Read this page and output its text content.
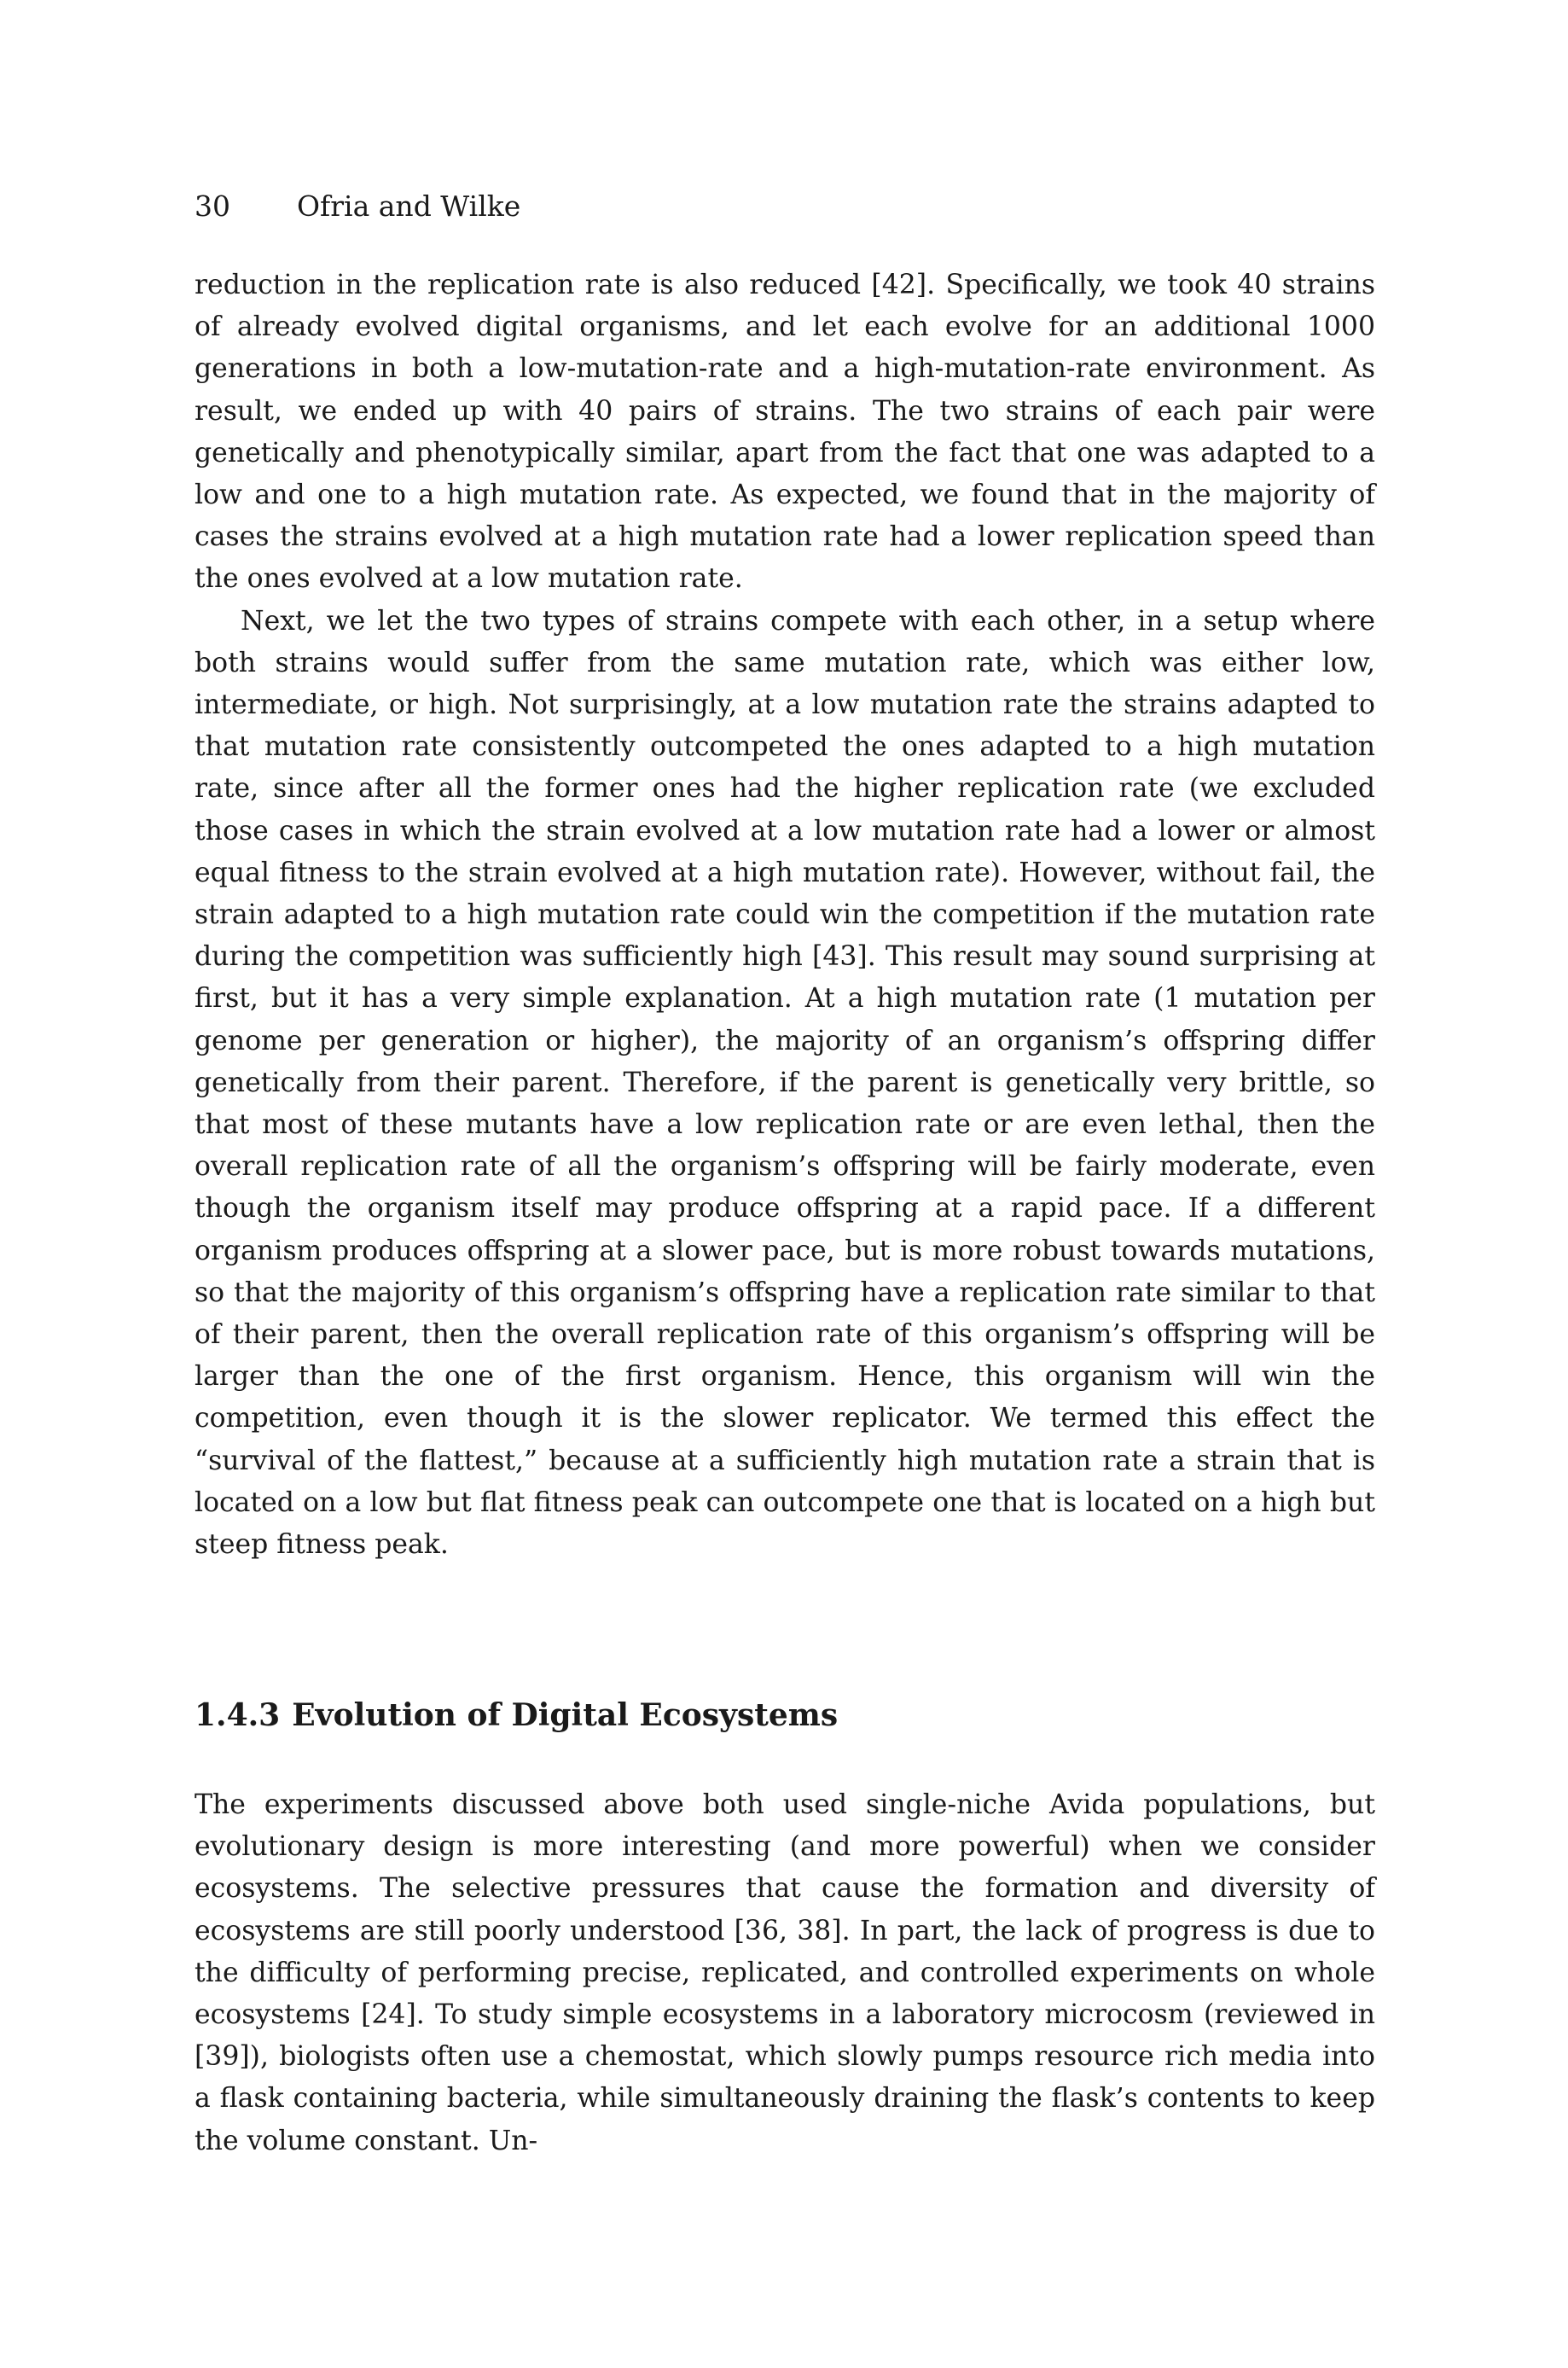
30 Ofria and Wilke

reduction in the replication rate is also reduced [42]. Specifically, we took 40 strains of already evolved digital organisms, and let each evolve for an additional 1000 generations in both a low-mutation-rate and a high-mutation-rate environment. As result, we ended up with 40 pairs of strains. The two strains of each pair were genetically and phenotypically similar, apart from the fact that one was adapted to a low and one to a high mutation rate. As expected, we found that in the majority of cases the strains evolved at a high mutation rate had a lower replication speed than the ones evolved at a low mutation rate.

Next, we let the two types of strains compete with each other, in a setup where both strains would suffer from the same mutation rate, which was either low, intermediate, or high. Not surprisingly, at a low mutation rate the strains adapted to that mutation rate consistently outcompeted the ones adapted to a high mutation rate, since after all the former ones had the higher replication rate (we excluded those cases in which the strain evolved at a low mutation rate had a lower or almost equal fitness to the strain evolved at a high mutation rate). However, without fail, the strain adapted to a high mutation rate could win the competition if the mutation rate during the competition was sufficiently high [43]. This result may sound surprising at first, but it has a very simple explanation. At a high mutation rate (1 mutation per genome per generation or higher), the majority of an organism’s offspring differ genetically from their parent. Therefore, if the parent is genetically very brittle, so that most of these mutants have a low replication rate or are even lethal, then the overall replication rate of all the organism’s offspring will be fairly moderate, even though the organism itself may produce offspring at a rapid pace. If a different organism produces offspring at a slower pace, but is more robust towards mutations, so that the majority of this organism’s offspring have a replication rate similar to that of their parent, then the overall replication rate of this organism’s offspring will be larger than the one of the first organism. Hence, this organism will win the competition, even though it is the slower replicator. We termed this effect the “survival of the flattest,” because at a sufficiently high mutation rate a strain that is located on a low but flat fitness peak can outcompete one that is located on a high but steep fitness peak.

1.4.3 Evolution of Digital Ecosystems

The experiments discussed above both used single-niche Avida populations, but evolutionary design is more interesting (and more powerful) when we consider ecosystems. The selective pressures that cause the formation and diversity of ecosystems are still poorly understood [36, 38]. In part, the lack of progress is due to the difficulty of performing precise, replicated, and controlled experiments on whole ecosystems [24]. To study simple ecosystems in a laboratory microcosm (reviewed in [39]), biologists often use a chemostat, which slowly pumps resource rich media into a flask containing bacteria, while simultaneously draining the flask’s contents to keep the volume constant. Un-
